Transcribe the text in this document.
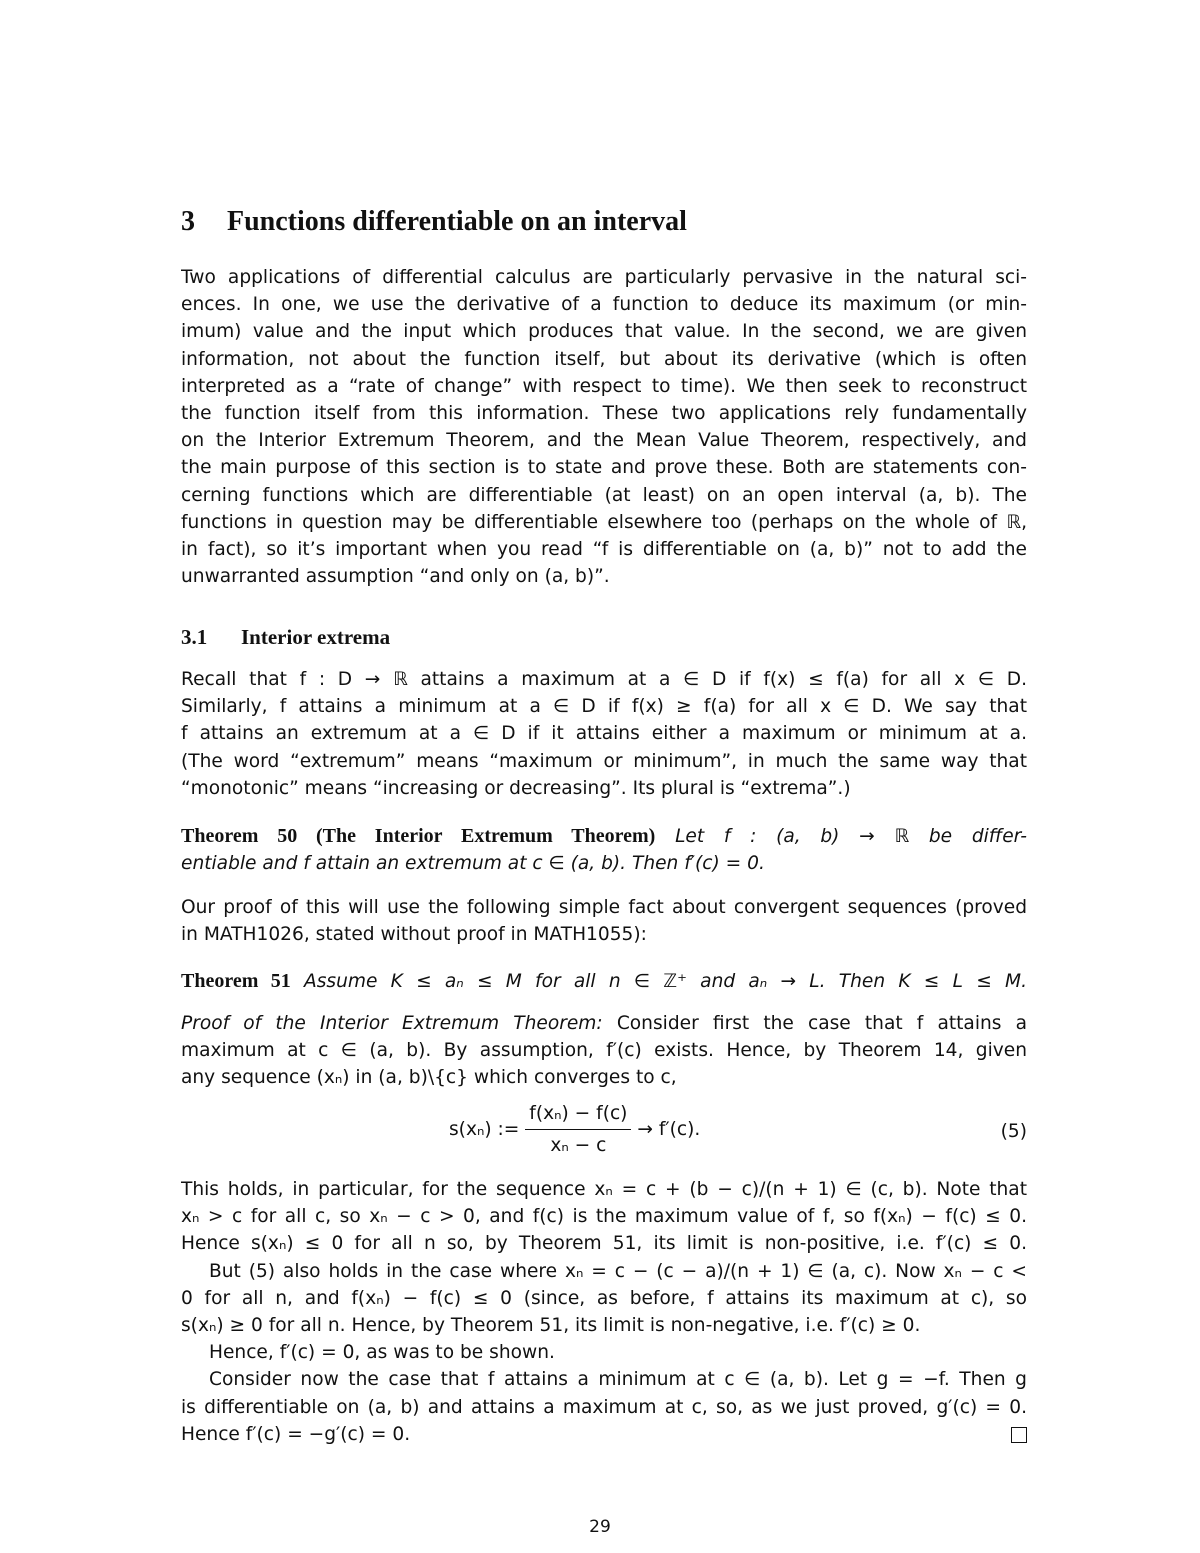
3 Functions differentiable on an interval
Two applications of differential calculus are particularly pervasive in the natural sci-
ences. In one, we use the derivative of a function to deduce its maximum (or min-
imum) value and the input which produces that value. In the second, we are given
information, not about the function itself, but about its derivative (which is often
interpreted as a “rate of change” with respect to time). We then seek to reconstruct
the function itself from this information. These two applications rely fundamentally
on the Interior Extremum Theorem, and the Mean Value Theorem, respectively, and
the main purpose of this section is to state and prove these. Both are statements con-
cerning functions which are differentiable (at least) on an open interval (a, b). The
functions in question may be differentiable elsewhere too (perhaps on the whole of ℝ,
in fact), so it’s important when you read “f is differentiable on (a, b)” not to add the
unwarranted assumption “and only on (a, b)”.
3.1 Interior extrema
Recall that f : D → ℝ attains a maximum at a ∈ D if f(x) ≤ f(a) for all x ∈ D.
Similarly, f attains a minimum at a ∈ D if f(x) ≥ f(a) for all x ∈ D. We say that
f attains an extremum at a ∈ D if it attains either a maximum or minimum at a.
(The word “extremum” means “maximum or minimum”, in much the same way that
“monotonic” means “increasing or decreasing”. Its plural is “extrema”.)
Theorem 50 (The Interior Extremum Theorem) Let f : (a, b) → ℝ be differ-
entiable and f attain an extremum at c ∈ (a, b). Then f′(c) = 0.
Our proof of this will use the following simple fact about convergent sequences (proved
in MATH1026, stated without proof in MATH1055):
Theorem 51 Assume K ≤ aₙ ≤ M for all n ∈ ℤ⁺ and aₙ → L. Then K ≤ L ≤ M.
Proof of the Interior Extremum Theorem: Consider first the case that f attains a
maximum at c ∈ (a, b). By assumption, f′(c) exists. Hence, by Theorem 14, given
any sequence (xₙ) in (a, b)\{c} which converges to c,
s(xₙ) := $\frac{\text{f(xₙ) − f(c)}}{\text{xₙ − c}} \to f'(c)$.	(5)
This holds, in particular, for the sequence xₙ = c + (b − c)/(n + 1) ∈ (c, b). Note that
xₙ > c for all c, so xₙ − c > 0, and f(c) is the maximum value of f, so f(xₙ) − f(c) ≤ 0.
Hence s(xₙ) ≤ 0 for all n so, by Theorem 51, its limit is non-positive, i.e. f′(c) ≤ 0.
But (5) also holds in the case where xₙ = c − (c − a)/(n + 1) ∈ (a, c). Now xₙ − c <
0 for all n, and f(xₙ) − f(c) ≤ 0 (since, as before, f attains its maximum at c), so
s(xₙ) ≥ 0 for all n. Hence, by Theorem 51, its limit is non-negative, i.e. f′(c) ≥ 0.
Hence, f′(c) = 0, as was to be shown.
Consider now the case that f attains a minimum at c ∈ (a, b). Let g = −f. Then g
is differentiable on (a, b) and attains a maximum at c, so, as we just proved, g′(c) = 0.
Hence f′(c) = −g′(c) = 0.
29
